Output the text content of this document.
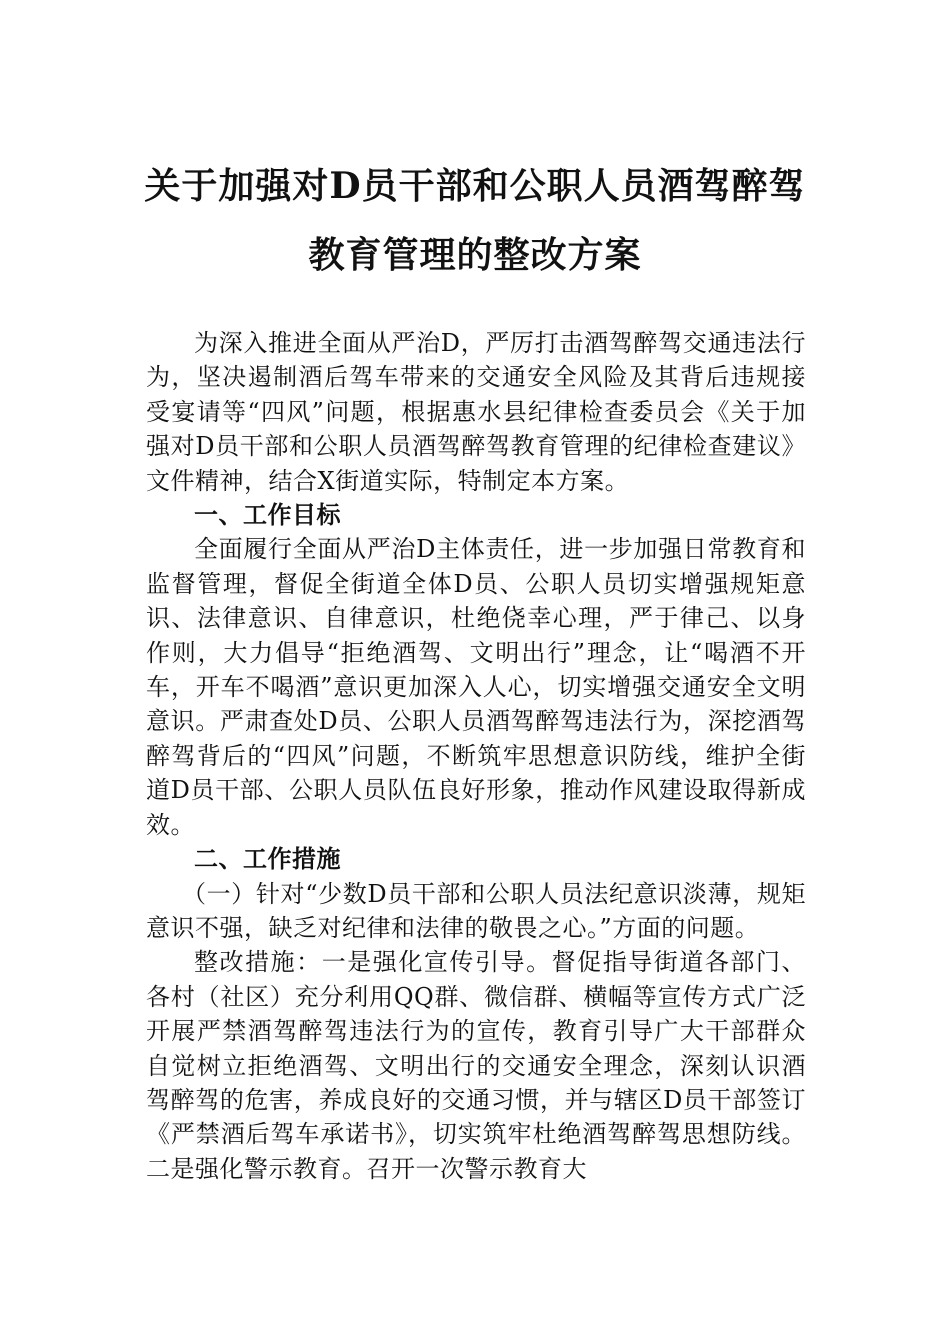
关于加强对D员干部和公职人员酒驾醉驾
教育管理的整改方案

为深入推进全面从严治D，严厉打击酒驾醉驾交通违法行为，坚决遏制酒后驾车带来的交通安全风险及其背后违规接受宴请等“四风”问题，根据惠水县纪律检查委员会《关于加强对D员干部和公职人员酒驾醉驾教育管理的纪律检查建议》文件精神，结合X街道实际，特制定本方案。

一、工作目标

全面履行全面从严治D主体责任，进一步加强日常教育和监督管理，督促全街道全体D员、公职人员切实增强规矩意识、法律意识、自律意识，杜绝侥幸心理，严于律己、以身作则，大力倡导“拒绝酒驾、文明出行”理念，让“喝酒不开车，开车不喝酒”意识更加深入人心，切实增强交通安全文明意识。严肃查处D员、公职人员酒驾醉驾违法行为，深挖酒驾醉驾背后的“四风”问题，不断筑牢思想意识防线，维护全街道D员干部、公职人员队伍良好形象，推动作风建设取得新成效。

二、工作措施

（一）针对“少数D员干部和公职人员法纪意识淡薄，规矩意识不强，缺乏对纪律和法律的敬畏之心。”方面的问题。

整改措施：一是强化宣传引导。督促指导街道各部门、各村（社区）充分利用QQ群、微信群、横幅等宣传方式广泛开展严禁酒驾醉驾违法行为的宣传，教育引导广大干部群众自觉树立拒绝酒驾、文明出行的交通安全理念，深刻认识酒驾醉驾的危害，养成良好的交通习惯，并与辖区D员干部签订《严禁酒后驾车承诺书》，切实筑牢杜绝酒驾醉驾思想防线。二是强化警示教育。召开一次警示教育大
